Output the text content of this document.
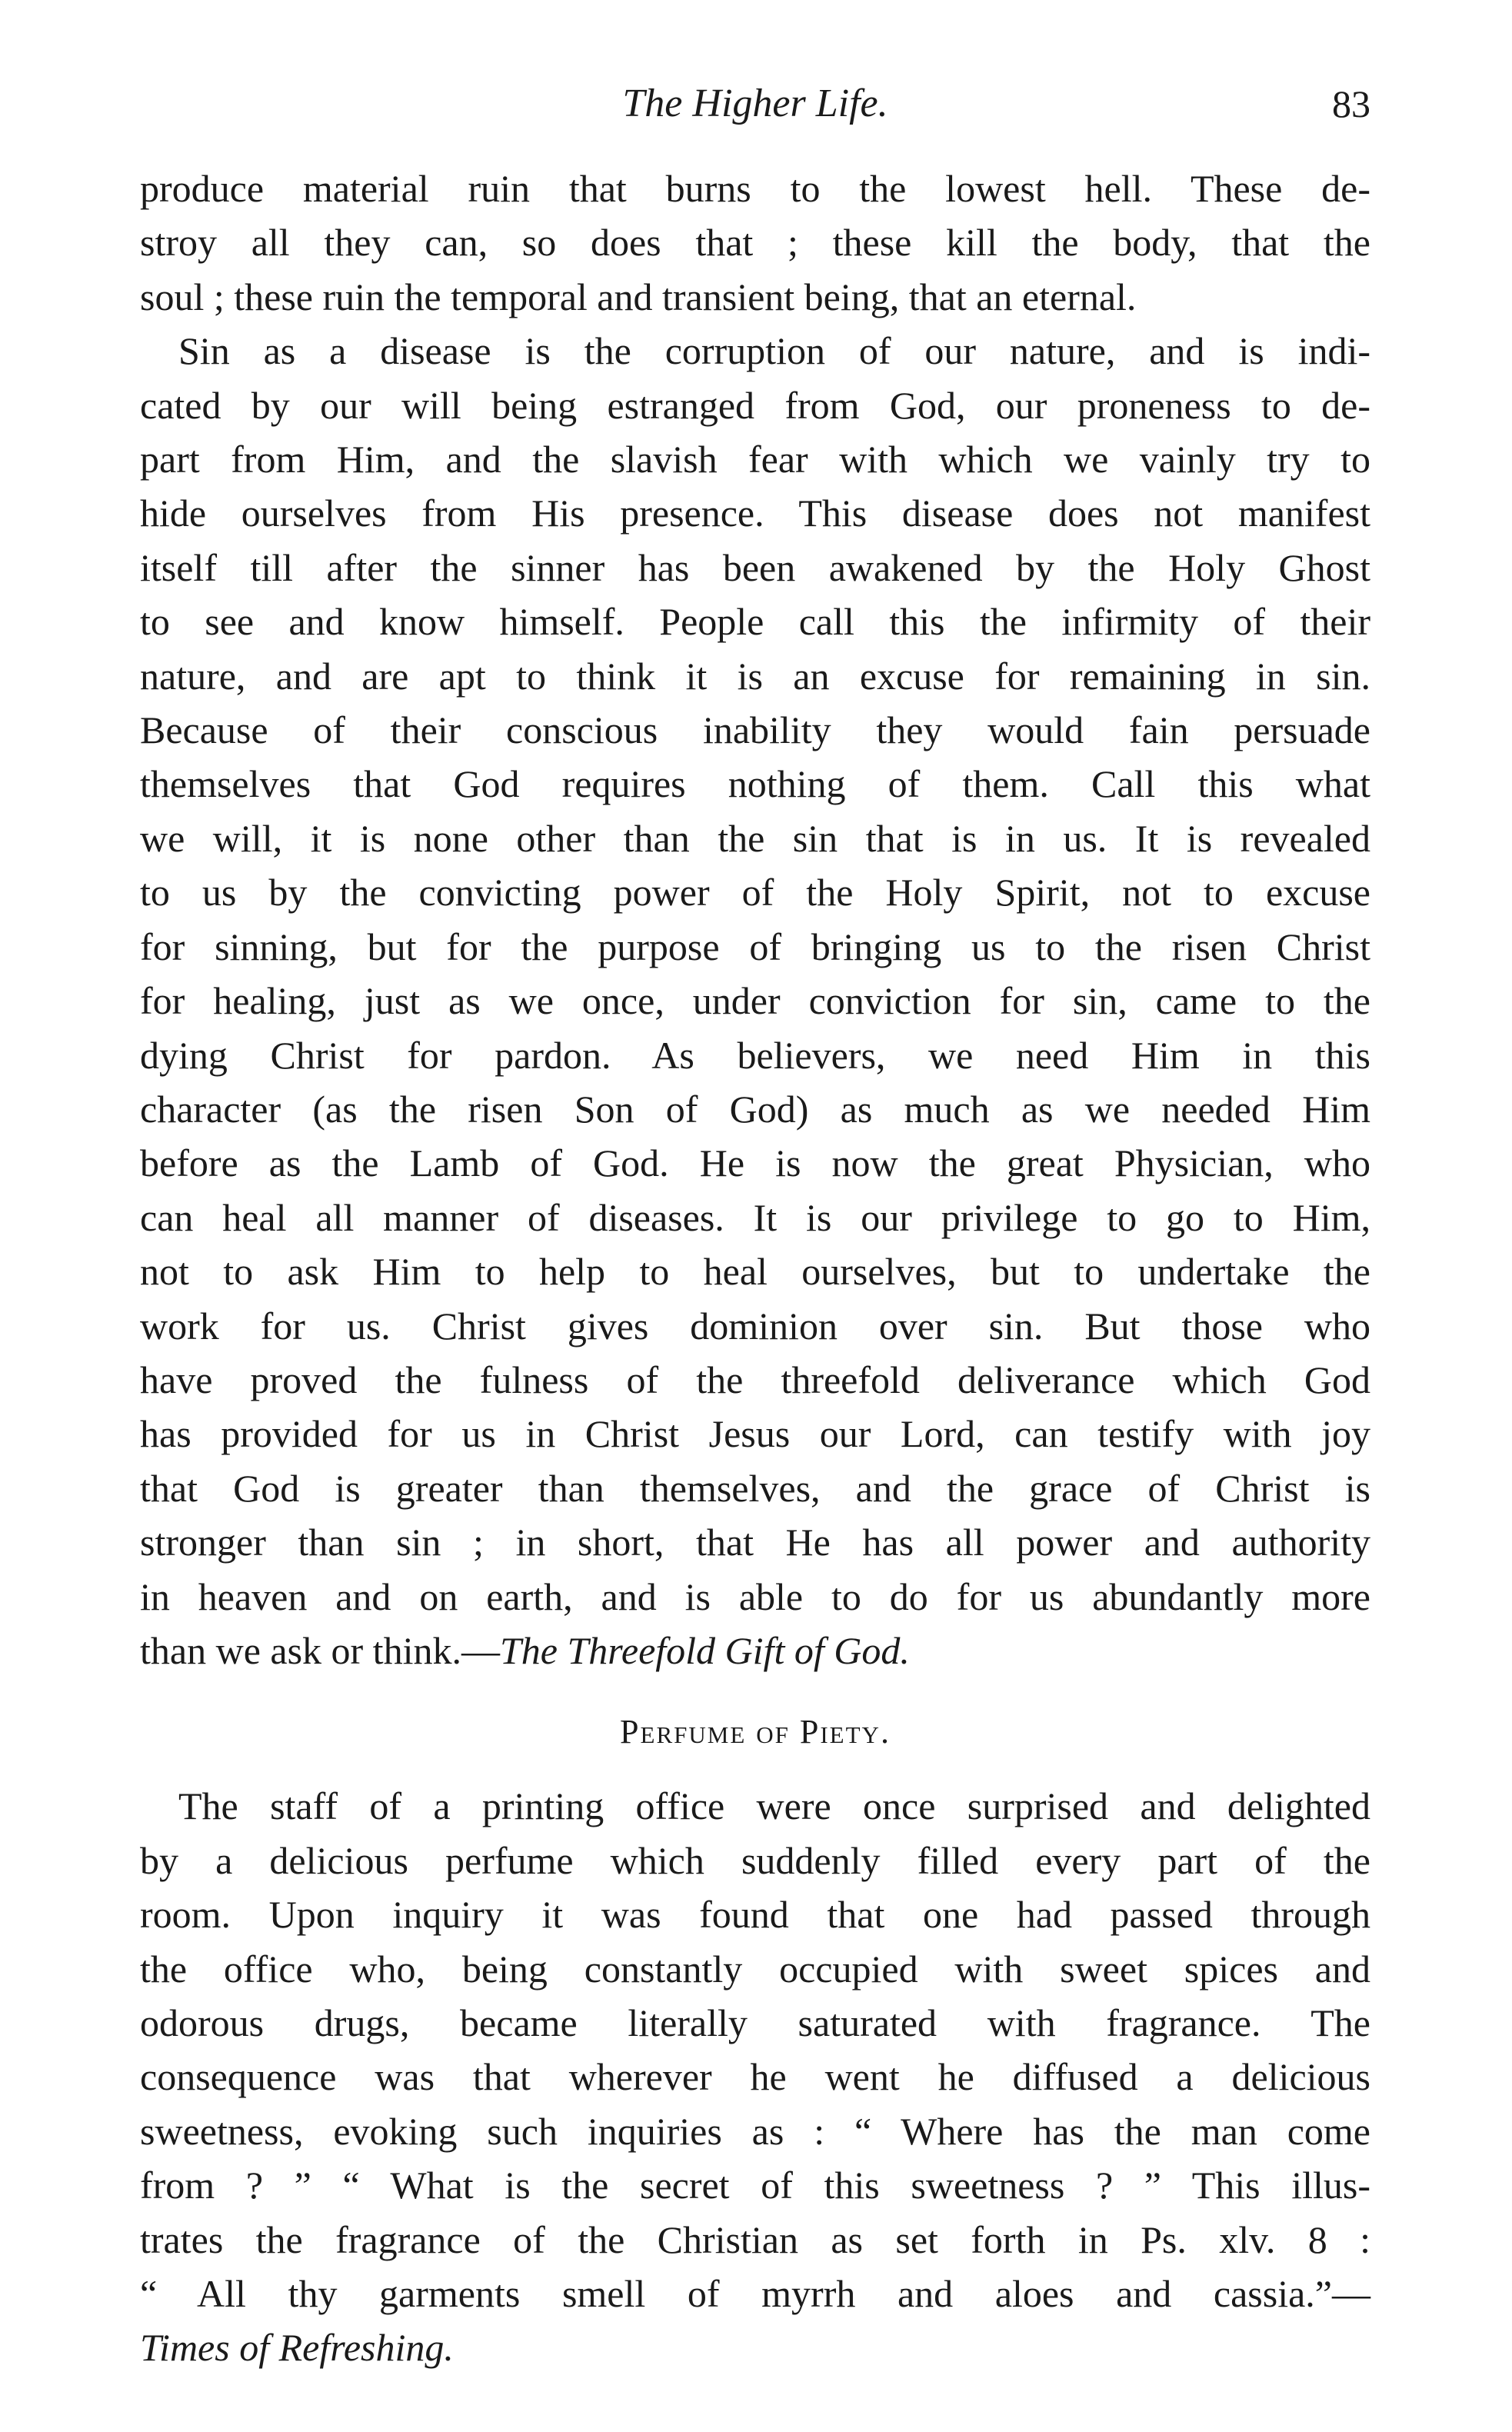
The Higher Life.	83

produce material ruin that burns to the lowest hell. These de-
stroy all they can, so does that ; these kill the body, that the
soul ; these ruin the temporal and transient being, that an eternal.

Sin as a disease is the corruption of our nature, and is indi-
cated by our will being estranged from God, our proneness to de-
part from Him, and the slavish fear with which we vainly try to
hide ourselves from His presence. This disease does not manifest
itself till after the sinner has been awakened by the Holy Ghost
to see and know himself. People call this the infirmity of their
nature, and are apt to think it is an excuse for remaining in sin.
Because of their conscious inability they would fain persuade
themselves that God requires nothing of them. Call this what
we will, it is none other than the sin that is in us. It is revealed
to us by the convicting power of the Holy Spirit, not to excuse
for sinning, but for the purpose of bringing us to the risen Christ
for healing, just as we once, under conviction for sin, came to the
dying Christ for pardon. As believers, we need Him in this
character (as the risen Son of God) as much as we needed Him
before as the Lamb of God. He is now the great Physician, who
can heal all manner of diseases. It is our privilege to go to Him,
not to ask Him to help to heal ourselves, but to undertake the
work for us. Christ gives dominion over sin. But those who
have proved the fulness of the threefold deliverance which God
has provided for us in Christ Jesus our Lord, can testify with joy
that God is greater than themselves, and the grace of Christ is
stronger than sin ; in short, that He has all power and authority
in heaven and on earth, and is able to do for us abundantly more
than we ask or think.—The Threefold Gift of God.

Perfume of Piety.

The staff of a printing office were once surprised and delighted
by a delicious perfume which suddenly filled every part of the
room. Upon inquiry it was found that one had passed through
the office who, being constantly occupied with sweet spices and
odorous drugs, became literally saturated with fragrance. The
consequence was that wherever he went he diffused a delicious
sweetness, evoking such inquiries as : “ Where has the man come
from ? ” “ What is the secret of this sweetness ? ” This illus-
trates the fragrance of the Christian as set forth in Ps. xlv. 8 :
“ All thy garments smell of myrrh and aloes and cassia.”—
Times of Refreshing.
